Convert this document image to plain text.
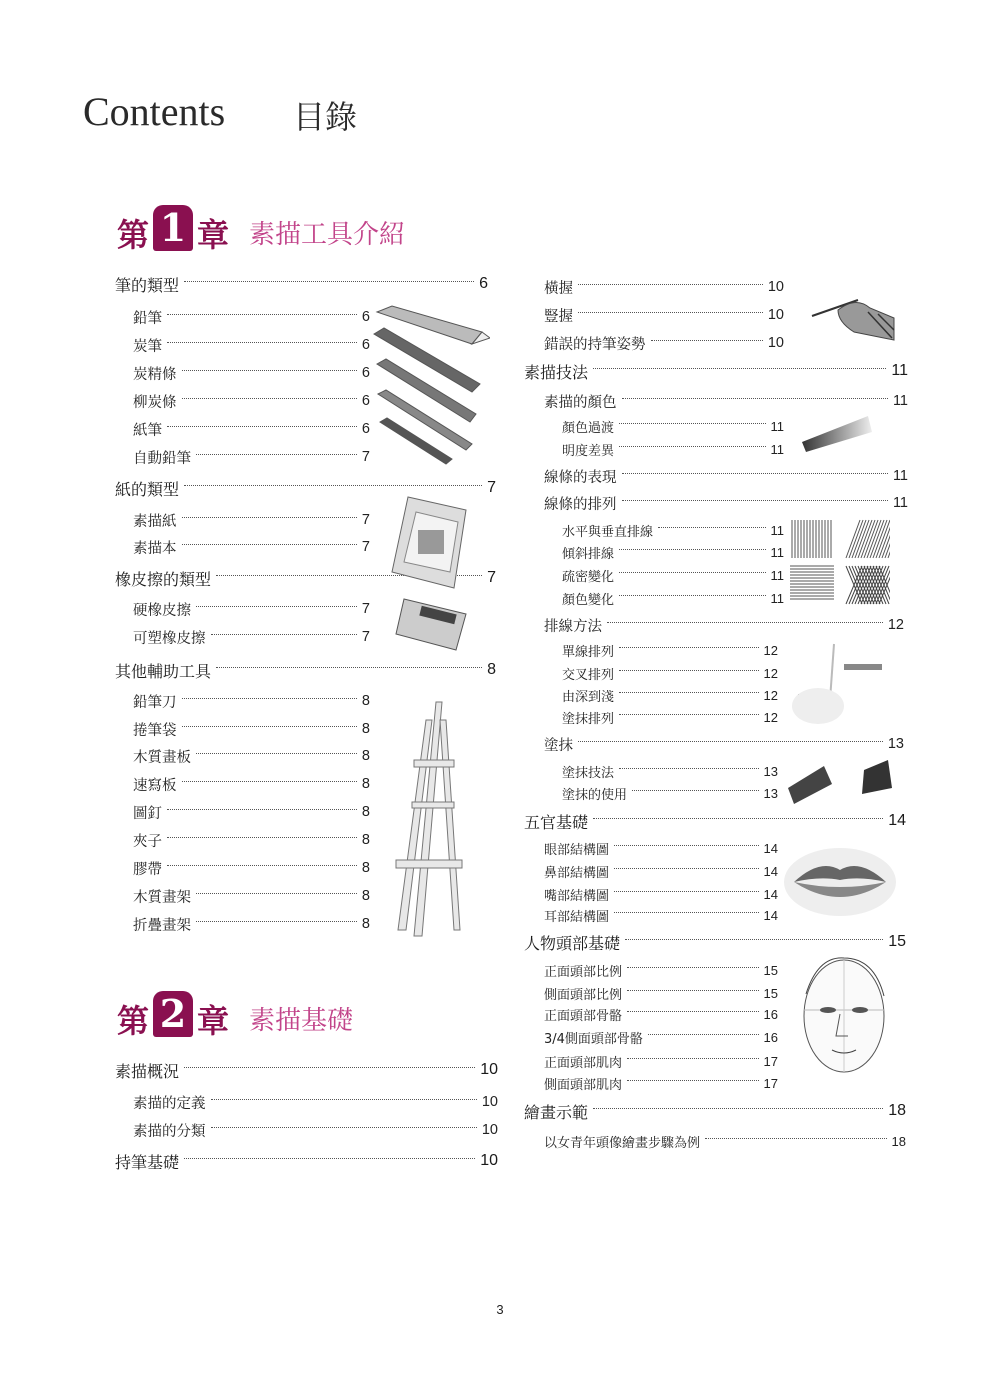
Contents 目錄
第 1 章 素描工具介紹
第 2 章 素描基礎
筆的類型	6
鉛筆	6
炭筆	6
炭精條	6
柳炭條	6
紙筆	6
自動鉛筆	7
紙的類型	7
素描紙	7
素描本	7
橡皮擦的類型	7
硬橡皮擦	7
可塑橡皮擦	7
其他輔助工具	8
鉛筆刀	8
捲筆袋	8
木質畫板	8
速寫板	8
圖釘	8
夾子	8
膠帶	8
木質畫架	8
折疊畫架	8
素描概況	10
素描的定義	10
素描的分類	10
持筆基礎	10
橫握	10
豎握	10
錯誤的持筆姿勢	10
素描技法	11
素描的顏色	11
顏色過渡	11
明度差異	11
線條的表現	11
線條的排列	11
水平與垂直排線	11
傾斜排線	11
疏密變化	11
顏色變化	11
排線方法	12
單線排列	12
交叉排列	12
由深到淺	12
塗抹排列	12
塗抹	13
塗抹技法	13
塗抹的使用	13
五官基礎	14
眼部結構圖	14
鼻部結構圖	14
嘴部結構圖	14
耳部結構圖	14
人物頭部基礎	15
正面頭部比例	15
側面頭部比例	15
正面頭部骨骼	16
3/4側面頭部骨骼	16
正面頭部肌肉	17
側面頭部肌肉	17
繪畫示範	18
以女青年頭像繪畫步驟為例	18
3
